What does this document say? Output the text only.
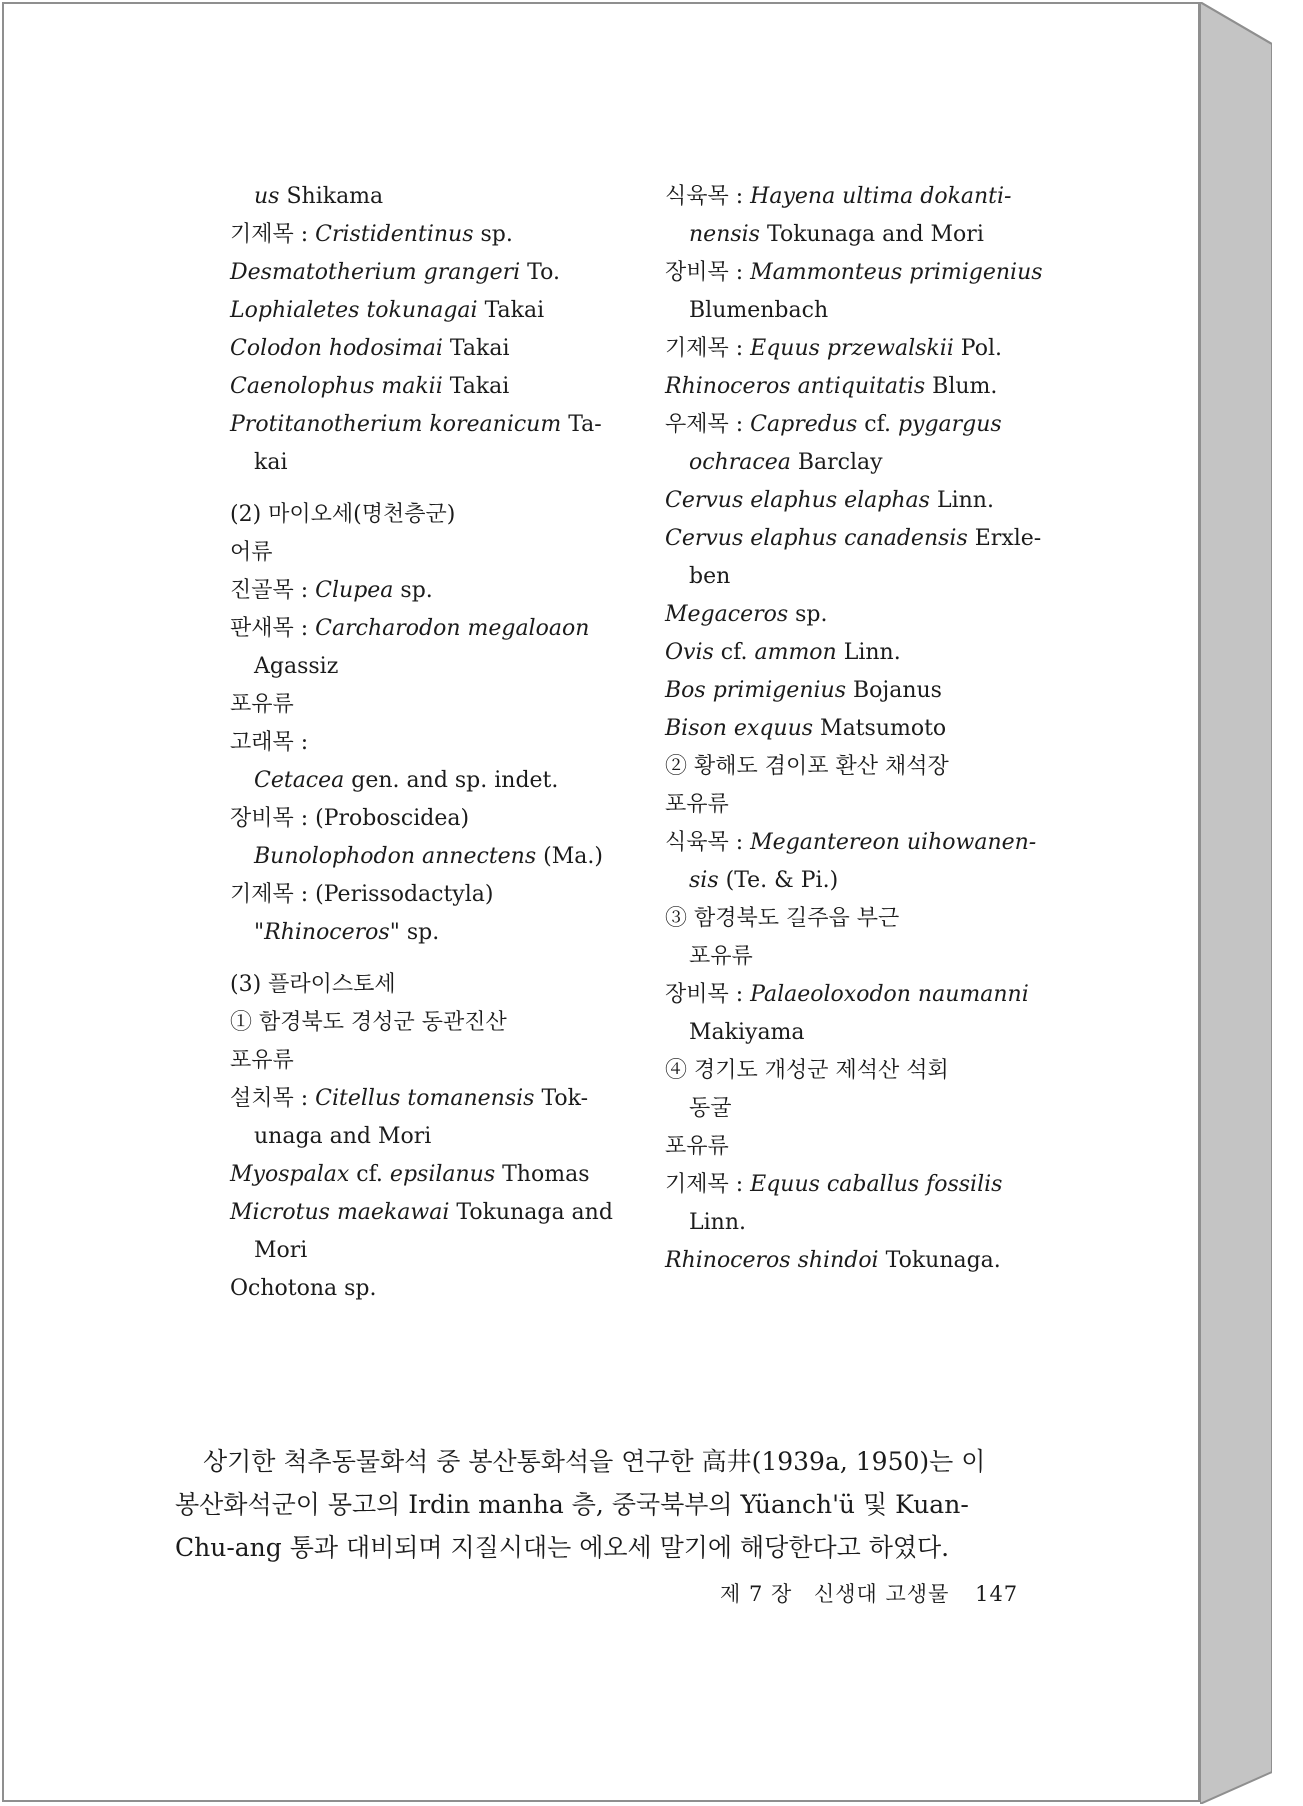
us Shikama
기제목 : Cristidentinus sp.
Desmatotherium grangeri To.
Lophialetes tokunagai Takai
Colodon hodosimai Takai
Caenolophus makii Takai
Protitanotherium koreanicum Ta-
kai
(2) 마이오세(명천층군)
어류
진골목 : Clupea sp.
판새목 : Carcharodon megaloaon
Agassiz
포유류
고래목 :
Cetacea gen. and sp. indet.
장비목 : (Proboscidea)
Bunolophodon annectens (Ma.)
기제목 : (Perissodactyla)
"Rhinoceros" sp.
(3) 플라이스토세
① 함경북도 경성군 동관진산
포유류
설치목 : Citellus tomanensis Tok-
unaga and Mori
Myospalax cf. epsilanus Thomas
Microtus maekawai Tokunaga and
Mori
Ochotona sp.
식육목 : Hayena ultima dokanti-
nensis Tokunaga and Mori
장비목 : Mammonteus primigenius
Blumenbach
기제목 : Equus przewalskii Pol.
Rhinoceros antiquitatis Blum.
우제목 : Capredus cf. pygargus
ochracea Barclay
Cervus elaphus elaphas Linn.
Cervus elaphus canadensis Erxle-
ben
Megaceros sp.
Ovis cf. ammon Linn.
Bos primigenius Bojanus
Bison exquus Matsumoto
② 황해도 겸이포 환산 채석장
포유류
식육목 : Megantereon uihowanen-
sis (Te. & Pi.)
③ 함경북도 길주읍 부근
포유류
장비목 : Palaeoloxodon naumanni
Makiyama
④ 경기도 개성군 제석산 석회
동굴
포유류
기제목 : Equus caballus fossilis
Linn.
Rhinoceros shindoi Tokunaga.
상기한 척추동물화석 중 봉산통화석을 연구한 高井(1939a, 1950)는 이
봉산화석군이 몽고의 Irdin manha 층, 중국북부의 Yüanch'ü 및 Kuan-
Chu-ang 통과 대비되며 지질시대는 에오세 말기에 해당한다고 하였다.
제 7 장 신생대 고생물 147
